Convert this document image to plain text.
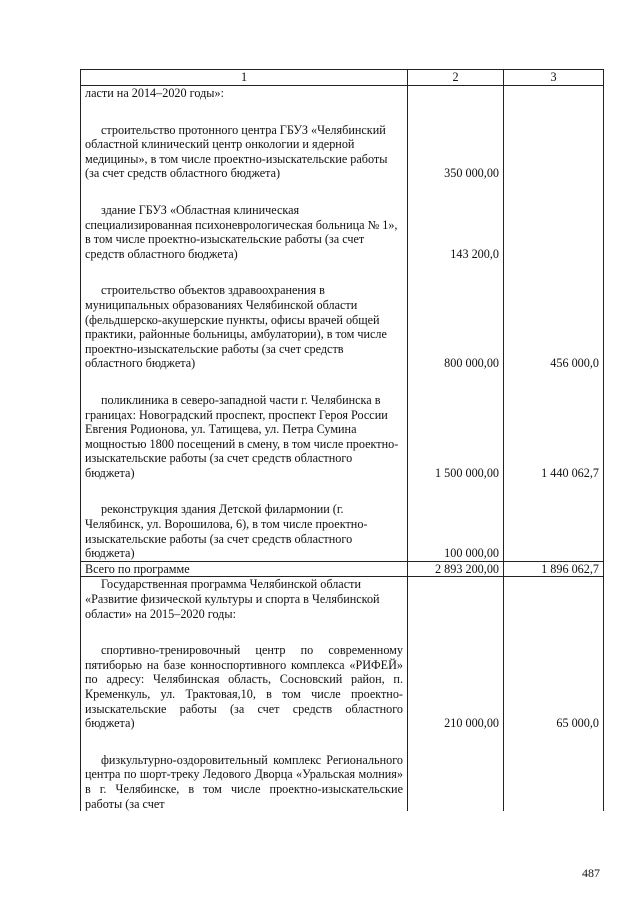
1	2	3

ласти на 2014–2020 годы»:		

строительство протонного центра ГБУЗ «Челябинский областной клинический центр онкологии и ядерной медицины», в том числе проектно-изыскательские работы (за счет средств областного бюджета)	350 000,00	

здание ГБУЗ «Областная клиническая специализированная психоневрологическая больница № 1», в том числе проектно-изыскательские работы (за счет средств областного бюджета)	143 200,0	

строительство объектов здравоохранения в муниципальных образованиях Челябинской области (фельдшерско-акушерские пункты, офисы врачей общей практики, районные больницы, амбулатории), в том числе проектно-изыскательские работы (за счет средств областного бюджета)	800 000,00	456 000,0

поликлиника в северо-западной части г. Челябинска в границах: Новоградский проспект, проспект Героя России Евгения Родионова, ул. Татищева, ул. Петра Сумина мощностью 1800 посещений в смену, в том числе проектно-изыскательские работы (за счет средств областного бюджета)	1 500 000,00	1 440 062,7

реконструкция здания Детской филармонии (г. Челябинск, ул. Ворошилова, 6), в том числе проектно-изыскательские работы (за счет средств областного бюджета)	100 000,00	
Всего по программе	2 893 200,00	1 896 062,7

Государственная программа Челябинской области «Развитие физической культуры и спорта в Челябинской области» на 2015–2020 годы:		

спортивно-тренировочный центр по современному пятиборью на базе конноспортивного комплекса «РИФЕЙ» по адресу: Челябинская область, Сосновский район, п. Кременкуль, ул. Трактовая,10, в том числе проектно-изыскательские работы (за счет средств областного бюджета)	210 000,00	65 000,0

физкультурно-оздоровительный комплекс Регионального центра по шорт-треку Ледового Дворца «Уральская молния» в г. Челябинске, в том числе проектно-изыскательские работы (за счет		

487
